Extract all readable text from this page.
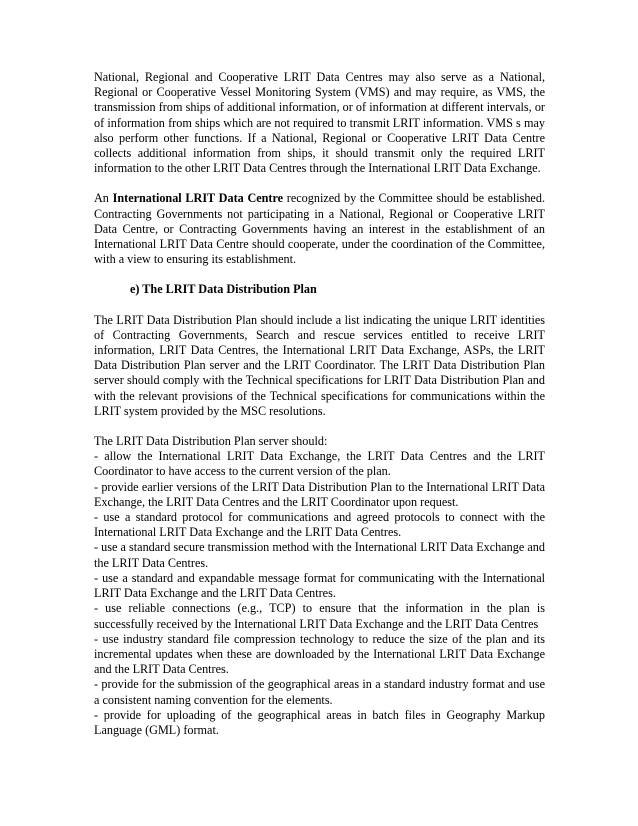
National, Regional and Cooperative LRIT Data Centres may also serve as a National, Regional or Cooperative Vessel Monitoring System (VMS) and may require, as VMS, the transmission from ships of additional information, or of information at different intervals, or of information from ships which are not required to transmit LRIT information. VMS s may also perform other functions. If a National, Regional or Cooperative LRIT Data Centre collects additional information from ships, it should transmit only the required LRIT information to the other LRIT Data Centres through the International LRIT Data Exchange.

An International LRIT Data Centre recognized by the Committee should be established. Contracting Governments not participating in a National, Regional or Cooperative LRIT Data Centre, or Contracting Governments having an interest in the establishment of an International LRIT Data Centre should cooperate, under the coordination of the Committee, with a view to ensuring its establishment.

e) The LRIT Data Distribution Plan

The LRIT Data Distribution Plan should include a list indicating the unique LRIT identities of Contracting Governments, Search and rescue services entitled to receive LRIT information, LRIT Data Centres, the International LRIT Data Exchange, ASPs, the LRIT Data Distribution Plan server and the LRIT Coordinator. The LRIT Data Distribution Plan server should comply with the Technical specifications for LRIT Data Distribution Plan and with the relevant provisions of the Technical specifications for communications within the LRIT system provided by the MSC resolutions.

The LRIT Data Distribution Plan server should:

- allow the International LRIT Data Exchange, the LRIT Data Centres and the LRIT Coordinator to have access to the current version of the plan.
- provide earlier versions of the LRIT Data Distribution Plan to the International LRIT Data Exchange, the LRIT Data Centres and the LRIT Coordinator upon request.
- use a standard protocol for communications and agreed protocols to connect with the International LRIT Data Exchange and the LRIT Data Centres.
- use a standard secure transmission method with the International LRIT Data Exchange and the LRIT Data Centres.
- use a standard and expandable message format for communicating with the International LRIT Data Exchange and the LRIT Data Centres.
- use reliable connections (e.g., TCP) to ensure that the information in the plan is successfully received by the International LRIT Data Exchange and the LRIT Data Centres
- use industry standard file compression technology to reduce the size of the plan and its incremental updates when these are downloaded by the International LRIT Data Exchange and the LRIT Data Centres.
- provide for the submission of the geographical areas in a standard industry format and use a consistent naming convention for the elements.
- provide for uploading of the geographical areas in batch files in Geography Markup Language (GML) format.
